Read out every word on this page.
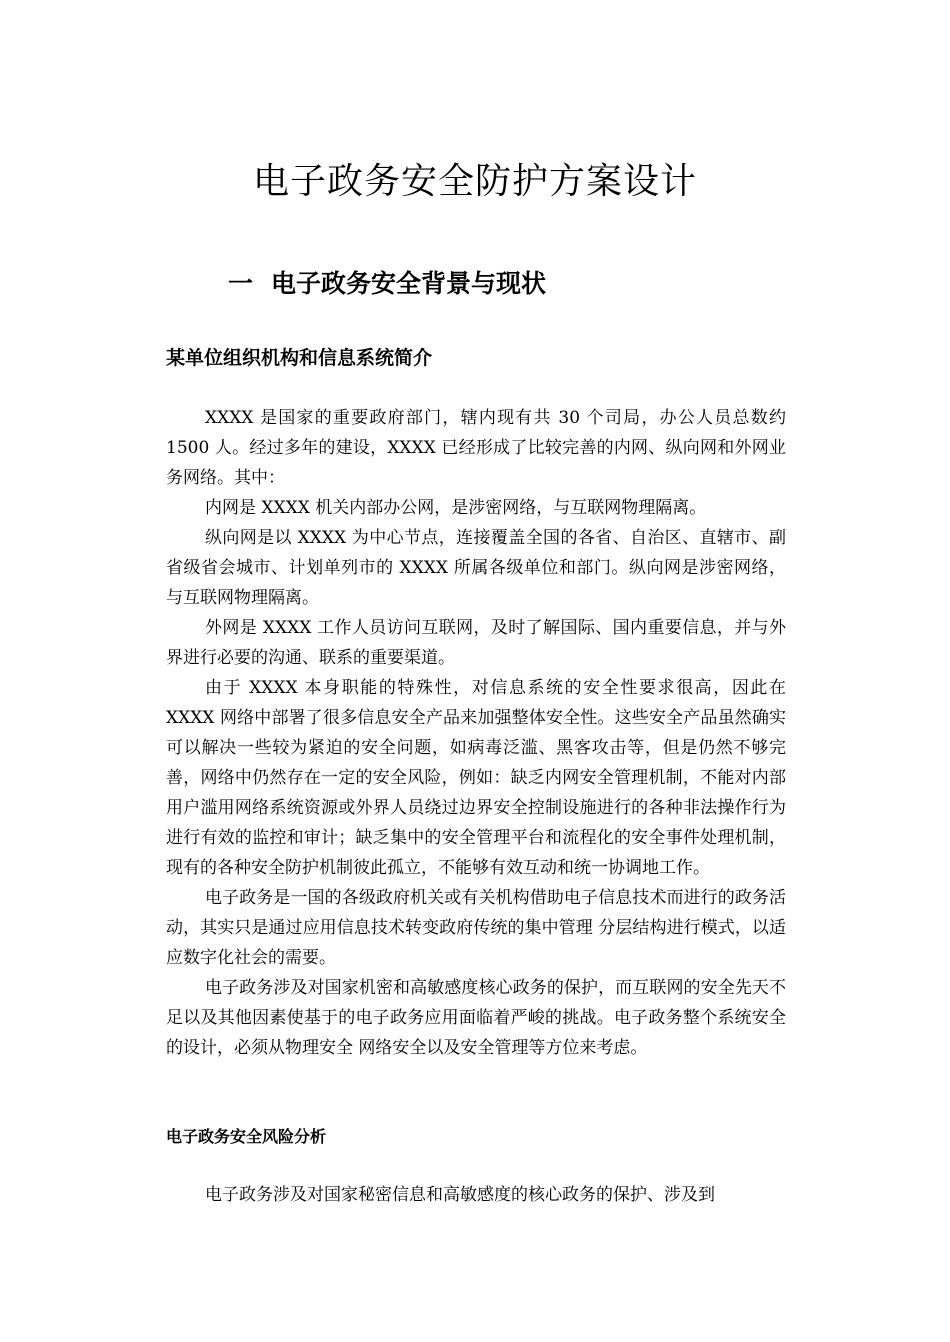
电子政务安全防护方案设计
一 电子政务安全背景与现状
某单位组织机构和信息系统简介

XXXX 是国家的重要政府部门，辖内现有共 30 个司局，办公人员总数约 1500 人。经过多年的建设，XXXX 已经形成了比较完善的内网、纵向网和外网业务网络。其中：

内网是 XXXX 机关内部办公网，是涉密网络，与互联网物理隔离。

纵向网是以 XXXX 为中心节点，连接覆盖全国的各省、自治区、直辖市、副省级省会城市、计划单列市的 XXXX 所属各级单位和部门。纵向网是涉密网络，与互联网物理隔离。

外网是 XXXX 工作人员访问互联网，及时了解国际、国内重要信息，并与外界进行必要的沟通、联系的重要渠道。

由于 XXXX 本身职能的特殊性，对信息系统的安全性要求很高，因此在 XXXX 网络中部署了很多信息安全产品来加强整体安全性。这些安全产品虽然确实可以解决一些较为紧迫的安全问题，如病毒泛滥、黑客攻击等，但是仍然不够完善，网络中仍然存在一定的安全风险，例如：缺乏内网安全管理机制，不能对内部用户滥用网络系统资源或外界人员绕过边界安全控制设施进行的各种非法操作行为进行有效的监控和审计；缺乏集中的安全管理平台和流程化的安全事件处理机制，现有的各种安全防护机制彼此孤立，不能够有效互动和统一协调地工作。

电子政务是一国的各级政府机关或有关机构借助电子信息技术而进行的政务活动，其实只是通过应用信息技术转变政府传统的集中管理 分层结构进行模式，以适应数字化社会的需要。

电子政务涉及对国家机密和高敏感度核心政务的保护，而互联网的安全先天不足以及其他因素使基于的电子政务应用面临着严峻的挑战。电子政务整个系统安全的设计，必须从物理安全 网络安全以及安全管理等方位来考虑。

电子政务安全风险分析

电子政务涉及对国家秘密信息和高敏感度的核心政务的保护、涉及到
